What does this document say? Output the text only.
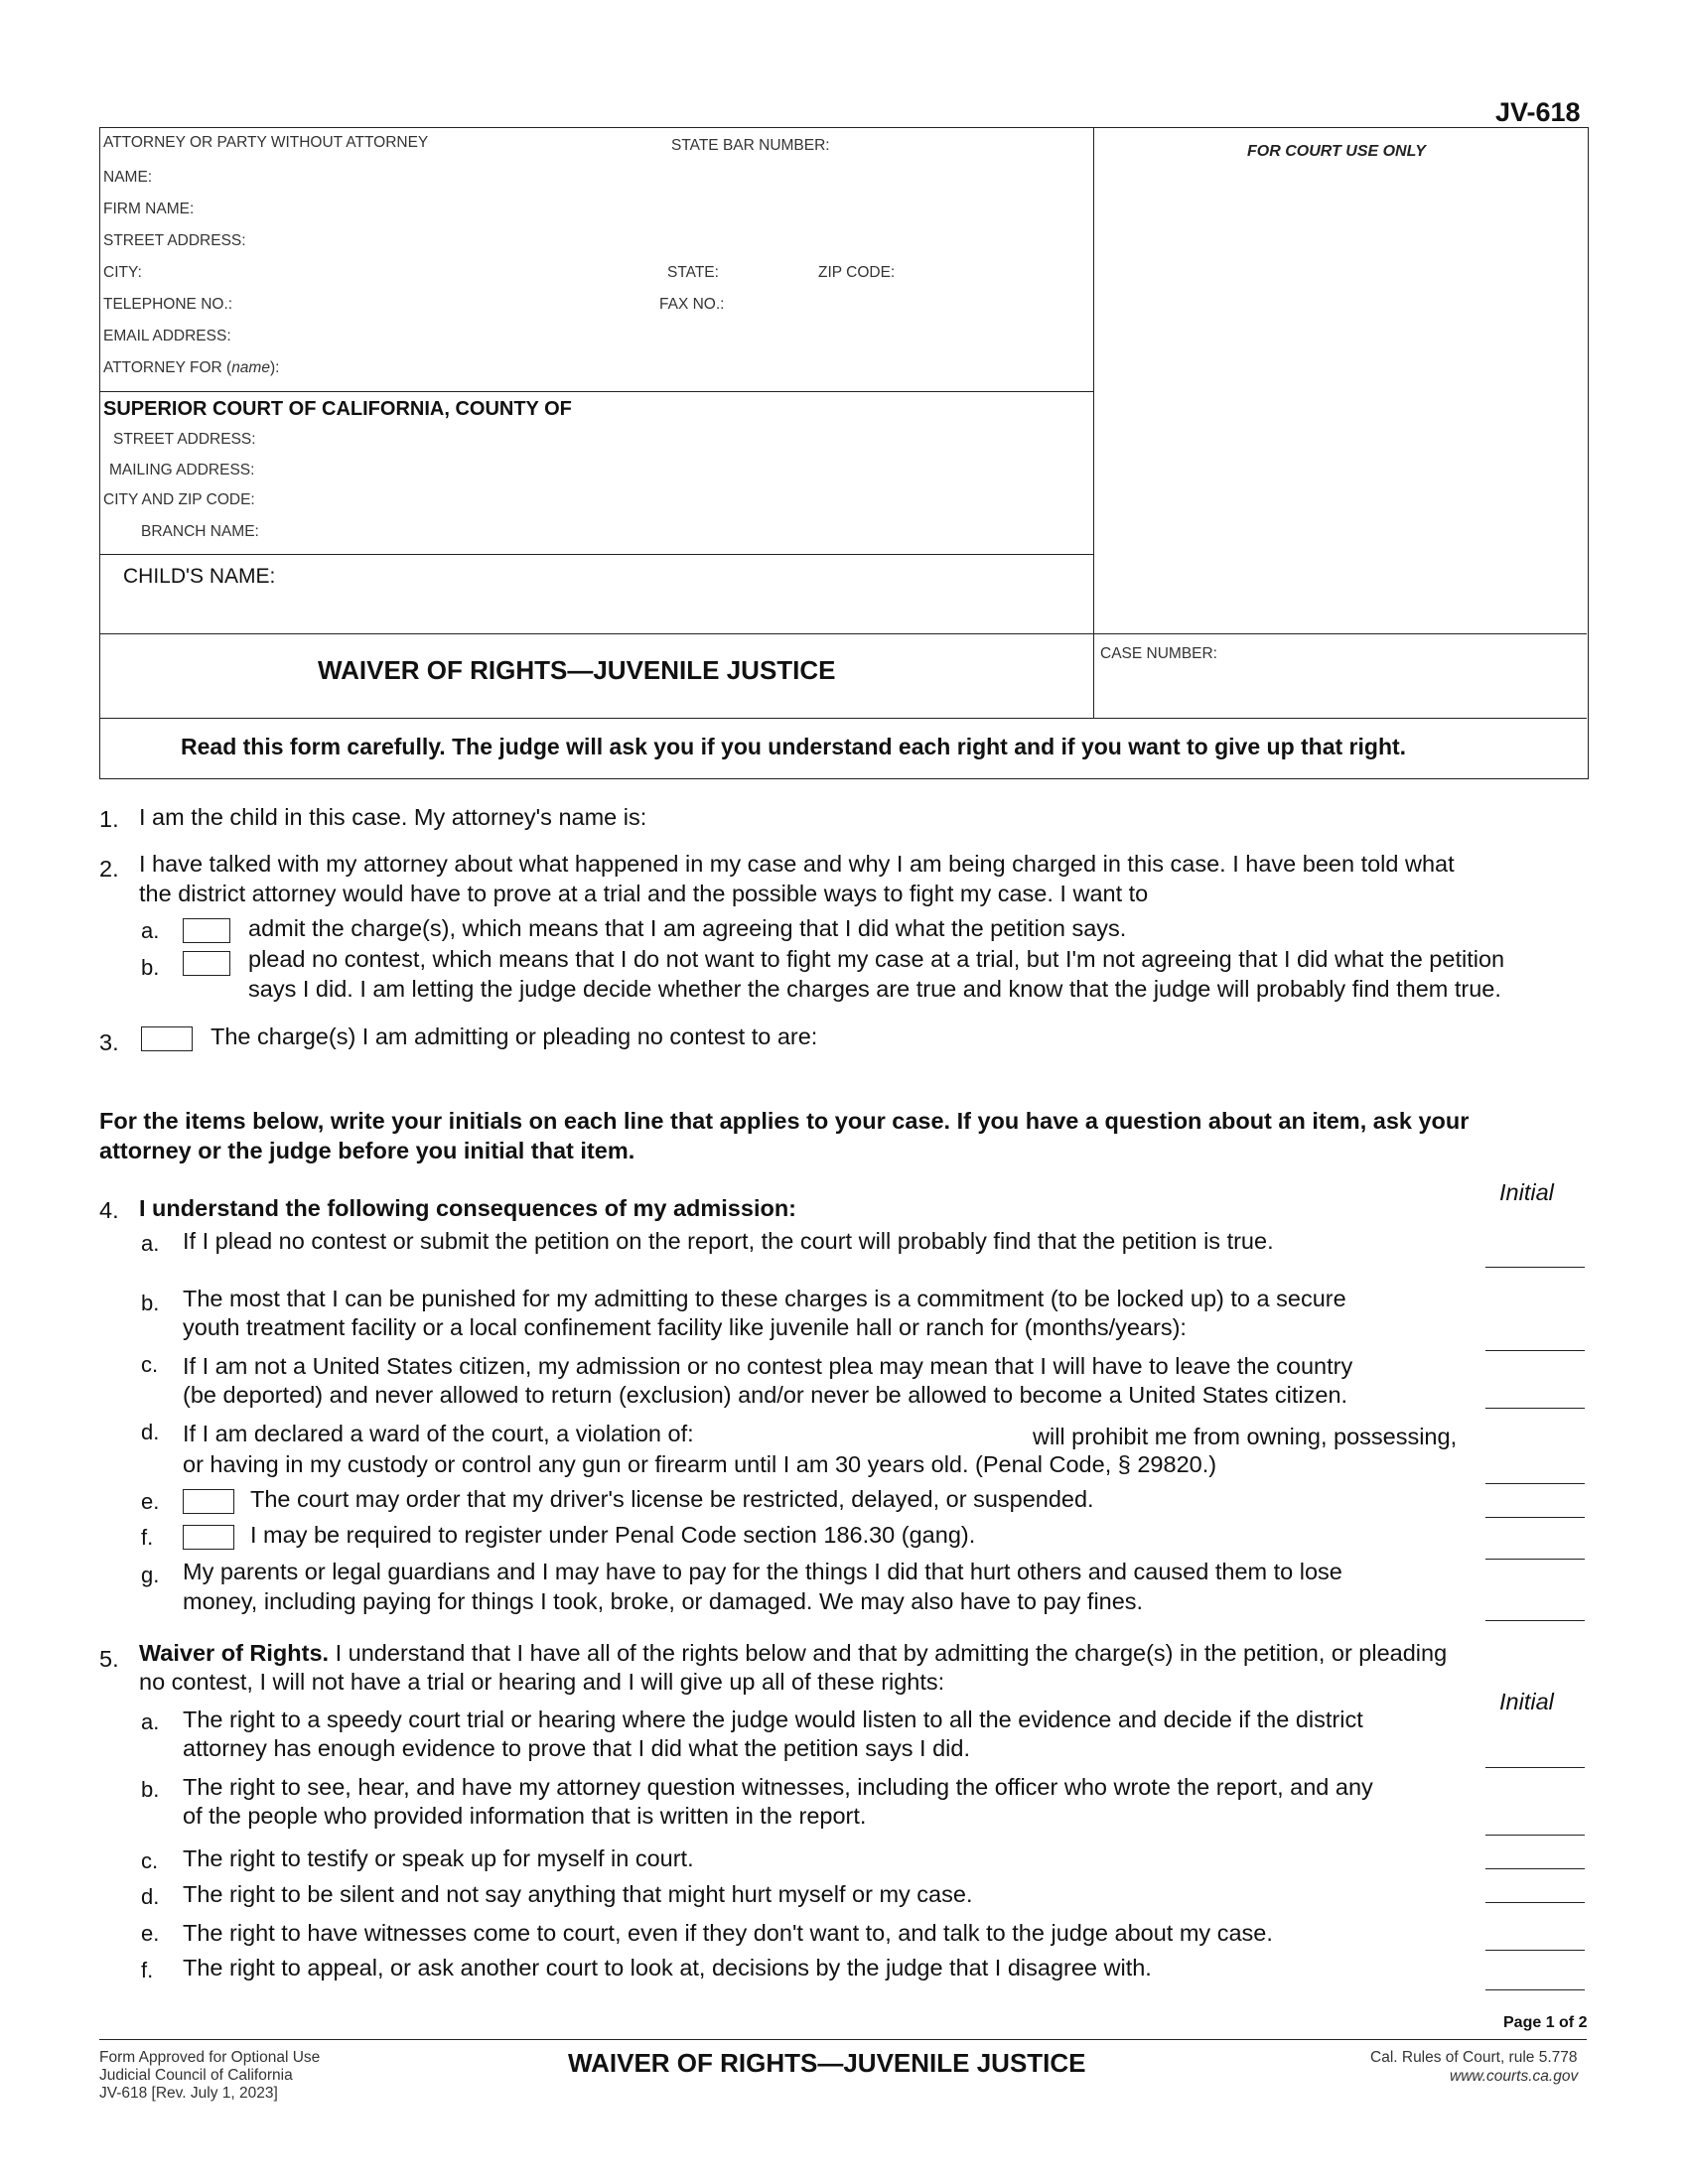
JV-618
ATTORNEY OR PARTY WITHOUT ATTORNEY	STATE BAR NUMBER:
NAME:
FIRM NAME:
STREET ADDRESS:
CITY:	STATE:	ZIP CODE:
TELEPHONE NO.:	FAX NO.:
EMAIL ADDRESS:
ATTORNEY FOR (name):
FOR COURT USE ONLY
SUPERIOR COURT OF CALIFORNIA, COUNTY OF
STREET ADDRESS:
MAILING ADDRESS:
CITY AND ZIP CODE:
BRANCH NAME:
CHILD'S NAME:
WAIVER OF RIGHTS—JUVENILE JUSTICE
CASE NUMBER:
Read this form carefully. The judge will ask you if you understand each right and if you want to give up that right.
1. I am the child in this case. My attorney's name is:
2. I have talked with my attorney about what happened in my case and why I am being charged in this case. I have been told what
the district attorney would have to prove at a trial and the possible ways to fight my case. I want to
a.	admit the charge(s), which means that I am agreeing that I did what the petition says.
b.	plead no contest, which means that I do not want to fight my case at a trial, but I'm not agreeing that I did what the petition
says I did. I am letting the judge decide whether the charges are true and know that the judge will probably find them true.
3.	The charge(s) I am admitting or pleading no contest to are:
For the items below, write your initials on each line that applies to your case. If you have a question about an item, ask your
attorney or the judge before you initial that item.
Initial
4. I understand the following consequences of my admission:
a. If I plead no contest or submit the petition on the report, the court will probably find that the petition is true.
b. The most that I can be punished for my admitting to these charges is a commitment (to be locked up) to a secure
youth treatment facility or a local confinement facility like juvenile hall or ranch for (months/years):
c. If I am not a United States citizen, my admission or no contest plea may mean that I will have to leave the country
(be deported) and never allowed to return (exclusion) and/or never be allowed to become a United States citizen.
d. If I am declared a ward of the court, a violation of:	will prohibit me from owning, possessing,
or having in my custody or control any gun or firearm until I am 30 years old. (Penal Code, § 29820.)
e.	The court may order that my driver's license be restricted, delayed, or suspended.
f.	I may be required to register under Penal Code section 186.30 (gang).
g. My parents or legal guardians and I may have to pay for the things I did that hurt others and caused them to lose
money, including paying for things I took, broke, or damaged. We may also have to pay fines.
5. Waiver of Rights. I understand that I have all of the rights below and that by admitting the charge(s) in the petition, or pleading
no contest, I will not have a trial or hearing and I will give up all of these rights:
Initial
a. The right to a speedy court trial or hearing where the judge would listen to all the evidence and decide if the district
attorney has enough evidence to prove that I did what the petition says I did.
b. The right to see, hear, and have my attorney question witnesses, including the officer who wrote the report, and any
of the people who provided information that is written in the report.
c. The right to testify or speak up for myself in court.
d. The right to be silent and not say anything that might hurt myself or my case.
e. The right to have witnesses come to court, even if they don't want to, and talk to the judge about my case.
f. The right to appeal, or ask another court to look at, decisions by the judge that I disagree with.
Page 1 of 2
Form Approved for Optional Use
Judicial Council of California
JV-618 [Rev. July 1, 2023]
WAIVER OF RIGHTS—JUVENILE JUSTICE	Cal. Rules of Court, rule 5.778
www.courts.ca.gov
